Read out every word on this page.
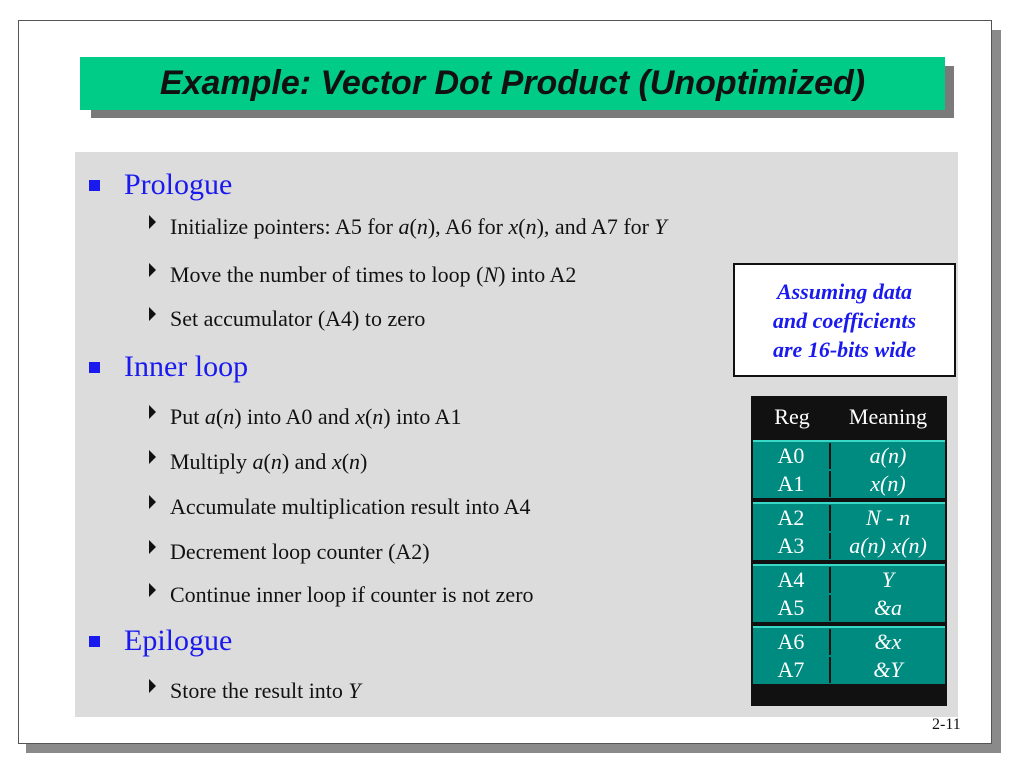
Example: Vector Dot Product (Unoptimized)
Prologue
Inner loop
Epilogue
Initialize pointers: A5 for a(n), A6 for x(n), and A7 for Y
Move the number of times to loop (N) into A2
Set accumulator (A4) to zero
Put a(n) into A0 and x(n) into A1
Multiply a(n) and x(n)
Accumulate multiplication result into A4
Decrement loop counter (A2)
Continue inner loop if counter is not zero
Store the result into Y
Assuming data
and coefficients
are 16-bits wide
Reg	Meaning
A0	a(n)
A1	x(n)
A2	N - n
A3	a(n) x(n)
A4	Y
A5	&a
A6	&x
A7	&Y
2-11
